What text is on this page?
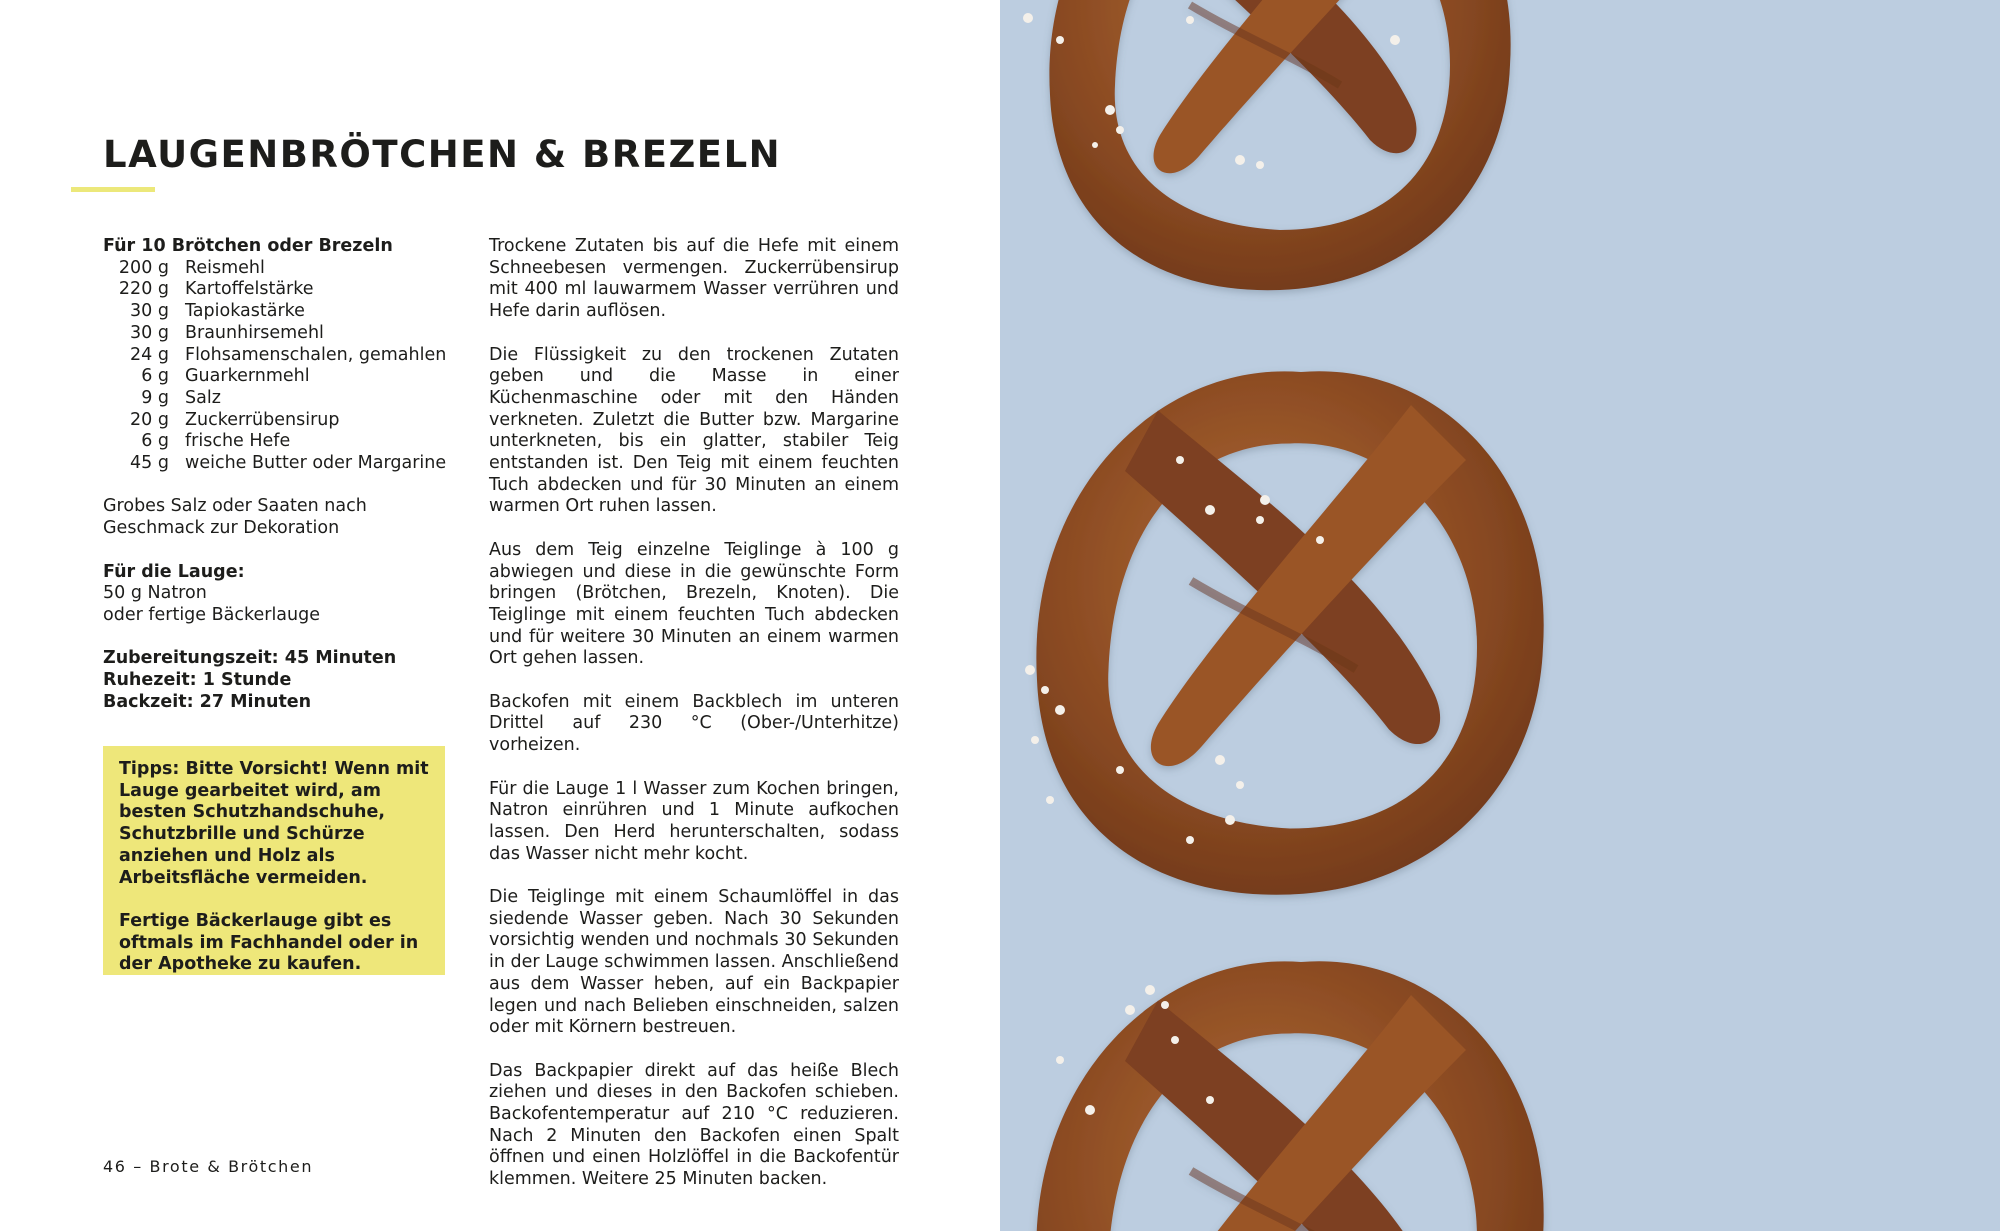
LAUGENBRÖTCHEN & BREZELN

Für 10 Brötchen oder Brezeln

200 g Reismehl
220 g Kartoffelstärke
30 g Tapiokastärke
30 g Braunhirsemehl
24 g Flohsamenschalen, gemahlen
6 g Guarkernmehl
9 g Salz
20 g Zuckerrübensirup
6 g frische Hefe
45 g weiche Butter oder Margarine

Grobes Salz oder Saaten nach

Geschmack zur Dekoration

Für die Lauge:

50 g Natron

oder fertige Bäckerlauge

Zubereitungszeit: 45 Minuten

Ruhezeit: 1 Stunde

Backzeit: 27 Minuten

Tipps: Bitte Vorsicht! Wenn mit Lauge gearbeitet wird, am besten Schutzhandschuhe, Schutzbrille und Schürze anziehen und Holz als Arbeitsfläche vermeiden.

Fertige Bäckerlauge gibt es oftmals im Fachhandel oder in der Apotheke zu kaufen.

Trockene Zutaten bis auf die Hefe mit einem Schneebesen vermengen. Zuckerrübensirup mit 400 ml lauwarmem Wasser verrühren und Hefe darin auflösen.

Die Flüssigkeit zu den trockenen Zutaten geben und die Masse in einer Küchenmaschine oder mit den Händen verkneten. Zuletzt die Butter bzw. Margarine unterkneten, bis ein glatter, stabiler Teig entstanden ist. Den Teig mit einem feuchten Tuch abdecken und für 30 Minuten an einem warmen Ort ruhen lassen.

Aus dem Teig einzelne Teiglinge à 100 g abwiegen und diese in die gewünschte Form bringen (Brötchen, Brezeln, Knoten). Die Teiglinge mit einem feuchten Tuch abdecken und für weitere 30 Minuten an einem warmen Ort gehen lassen.

Backofen mit einem Backblech im unteren Drittel auf 230 °C (Ober-/Unterhitze) vorheizen.

Für die Lauge 1 l Wasser zum Kochen bringen, Natron einrühren und 1 Minute aufkochen lassen. Den Herd herunterschalten, sodass das Wasser nicht mehr kocht.

Die Teiglinge mit einem Schaumlöffel in das siedende Wasser geben. Nach 30 Sekunden vorsichtig wenden und nochmals 30 Sekunden in der Lauge schwimmen lassen. Anschließend aus dem Wasser heben, auf ein Backpapier legen und nach Belieben einschneiden, salzen oder mit Körnern bestreuen.

Das Backpapier direkt auf das heiße Blech ziehen und dieses in den Backofen schieben. Backofentemperatur auf 210 °C reduzieren. Nach 2 Minuten den Backofen einen Spalt öffnen und einen Holzlöffel in die Backofentür klemmen. Weitere 25 Minuten backen.

46 – Brote & Brötchen
